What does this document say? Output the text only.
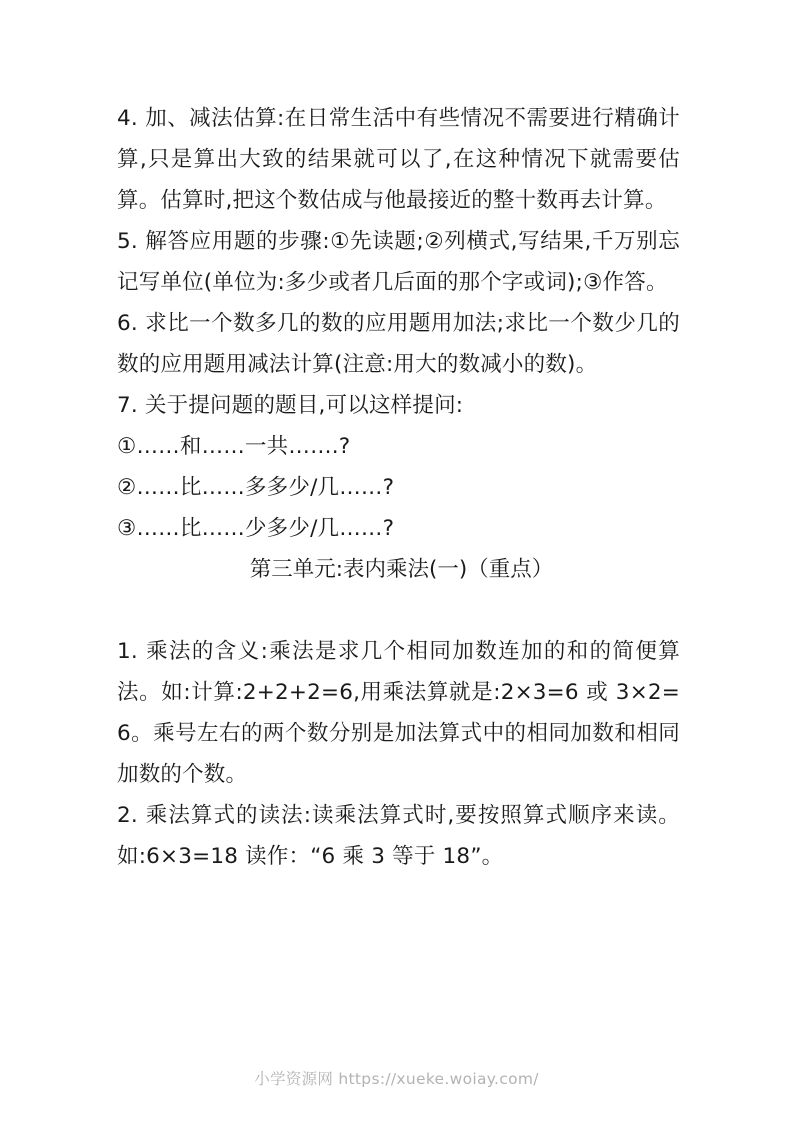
4. 加、减法估算:在日常生活中有些情况不需要进行精确计算,只是算出大致的结果就可以了,在这种情况下就需要估算。估算时,把这个数估成与他最接近的整十数再去计算。

5. 解答应用题的步骤:①先读题;②列横式,写结果,千万别忘记写单位(单位为:多少或者几后面的那个字或词);③作答。

6. 求比一个数多几的数的应用题用加法;求比一个数少几的数的应用题用减法计算(注意:用大的数减小的数)。

7. 关于提问题的题目,可以这样提问:

①……和……一共…….?

②……比……多多少/几……?

③……比……少多少/几……?

第三单元:表内乘法(一)（重点）

1. 乘法的含义:乘法是求几个相同加数连加的和的简便算法。如:计算:2+2+2=6,用乘法算就是:2×3=6 或 3×2=6。乘号左右的两个数分别是加法算式中的相同加数和相同加数的个数。

2. 乘法算式的读法:读乘法算式时,要按照算式顺序来读。如:6×3=18 读作：“6 乘 3 等于 18”。

小学资源网 https://xueke.woiay.com/
